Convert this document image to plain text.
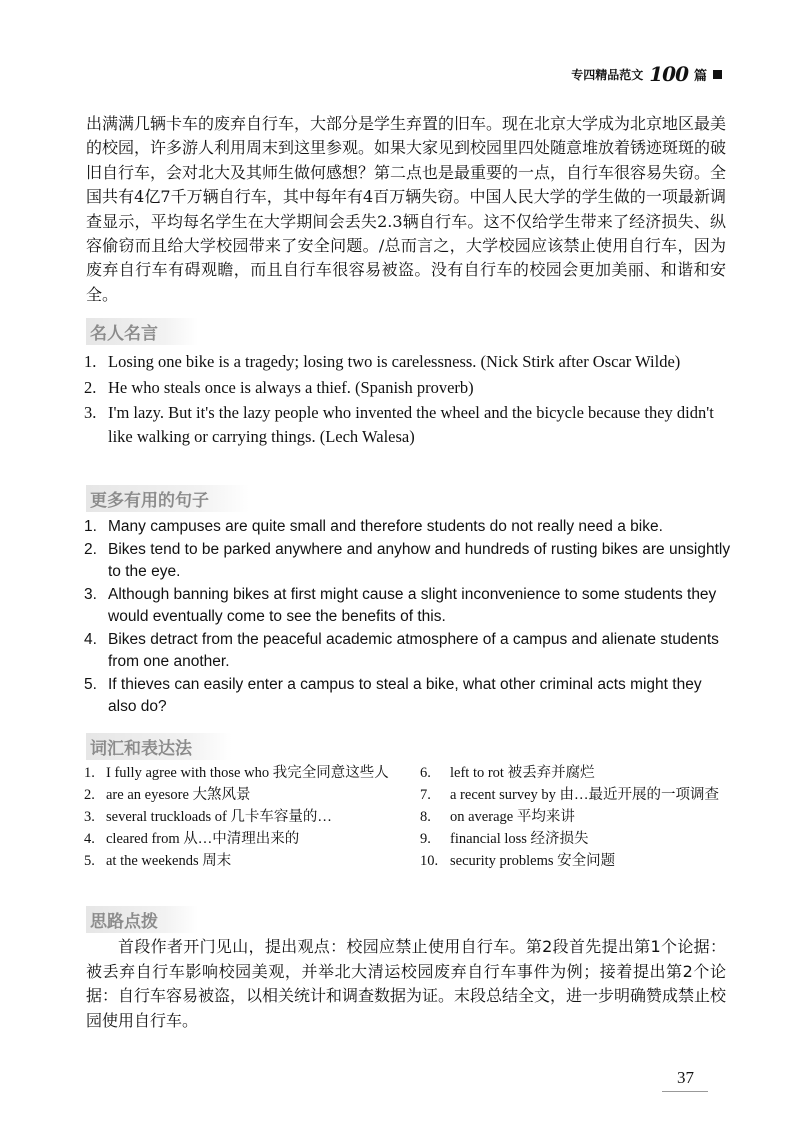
专四精品范文 100 篇

出满满几辆卡车的废弃自行车，大部分是学生弃置的旧车。现在北京大学成为北京地区最美的校园，许多游人利用周末到这里参观。如果大家见到校园里四处随意堆放着锈迹斑斑的破旧自行车，会对北大及其师生做何感想？第二点也是最重要的一点，自行车很容易失窃。全国共有4亿7千万辆自行车，其中每年有4百万辆失窃。中国人民大学的学生做的一项最新调查显示，平均每名学生在大学期间会丢失2.3辆自行车。这不仅给学生带来了经济损失、纵容偷窃而且给大学校园带来了安全问题。/总而言之，大学校园应该禁止使用自行车，因为废弃自行车有碍观瞻，而且自行车很容易被盗。没有自行车的校园会更加美丽、和谐和安全。

名人名言
1. Losing one bike is a tragedy; losing two is carelessness. (Nick Stirk after Oscar Wilde)
2. He who steals once is always a thief. (Spanish proverb)
3. I'm lazy. But it's the lazy people who invented the wheel and the bicycle because they didn't like walking or carrying things. (Lech Walesa)
更多有用的句子
1. Many campuses are quite small and therefore students do not really need a bike.
2. Bikes tend to be parked anywhere and anyhow and hundreds of rusting bikes are unsightly to the eye.
3. Although banning bikes at first might cause a slight inconvenience to some students they would eventually come to see the benefits of this.
4. Bikes detract from the peaceful academic atmosphere of a campus and alienate students from one another.
5. If thieves can easily enter a campus to steal a bike, what other criminal acts might they also do?
词汇和表达法
1. I fully agree with those who 我完全同意这些人
2. are an eyesore 大煞风景
3. several truckloads of 几卡车容量的…
4. cleared from 从…中清理出来的
5. at the weekends 周末
6. left to rot 被丢弃并腐烂
7. a recent survey by 由…最近开展的一项调查
8. on average 平均来讲
9. financial loss 经济损失
10. security problems 安全问题
思路点拨

首段作者开门见山，提出观点：校园应禁止使用自行车。第2段首先提出第1个论据：被丢弃自行车影响校园美观，并举北大清运校园废弃自行车事件为例；接着提出第2个论据：自行车容易被盗，以相关统计和调查数据为证。末段总结全文，进一步明确赞成禁止校园使用自行车。

37
